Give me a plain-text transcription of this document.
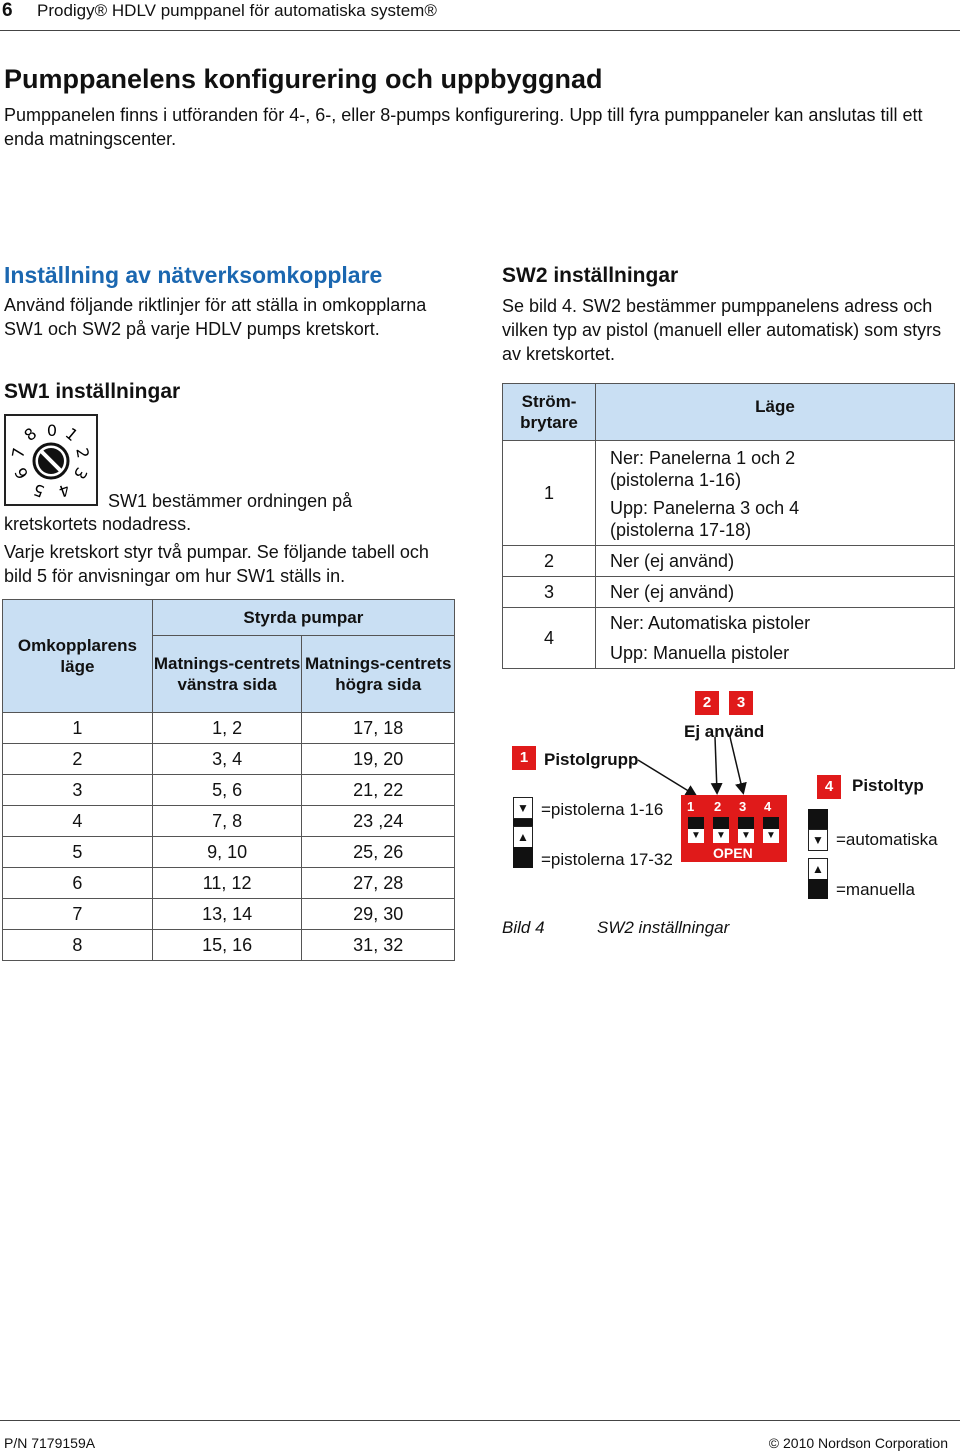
6 Prodigy® HDLV pumppanel för automatiska system®
Pumppanelens konfigurering och uppbyggnad
Pumppanelen finns i utföranden för 4-, 6-, eller 8-pumps konfigurering. Upp till fyra pumppaneler kan anslutas till ett enda matningscenter.
Inställning av nätverksomkopplare
Använd följande riktlinjer för att ställa in omkopplarna SW1 och SW2 på varje HDLV pumps kretskort.
SW1 inställningar
0 1
2
3
4
5
6
7
8
SW1 bestämmer ordningen på
kretskortets nodadress.
Varje kretskort styr två pumpar. Se följande tabell och bild 5 för anvisningar om hur SW1 ställs in.
Omkopplarens läge	Styrda pumpar	
	Matnings-centrets vänstra sida	Matnings-centrets högra sida
1	1, 2	17, 18
2	3, 4	19, 20
3	5, 6	21, 22
4	7, 8	23 ,24
5	9, 10	25, 26
6	11, 12	27, 28
7	13, 14	29, 30
8	15, 16	31, 32
SW2 inställningar
Se bild 4. SW2 bestämmer pumppanelens adress och vilken typ av pistol (manuell eller automatisk) som styrs av kretskortet.
Ström-brytare	Läge
1	Ner: Panelerna 1 och 2
(pistolerna 1-16)
Upp: Panelerna 3 och 4
(pistolerna 17-18)

2	Ner (ej använd)
3	Ner (ej använd)
4	Ner: Automatiska pistoler
Upp: Manuella pistoler
2	3
Ej använd
1 Pistolgrupp
▼ =pistolerna 1-16
▲
=pistolerna 17-32
1 2 3 4
▼	▼	▼	▼
OPEN
4	Pistoltyp
▼ =automatiska
▲
=manuella
Bild 4	SW2 inställningar
P/N 7179159A	© 2010 Nordson Corporation
